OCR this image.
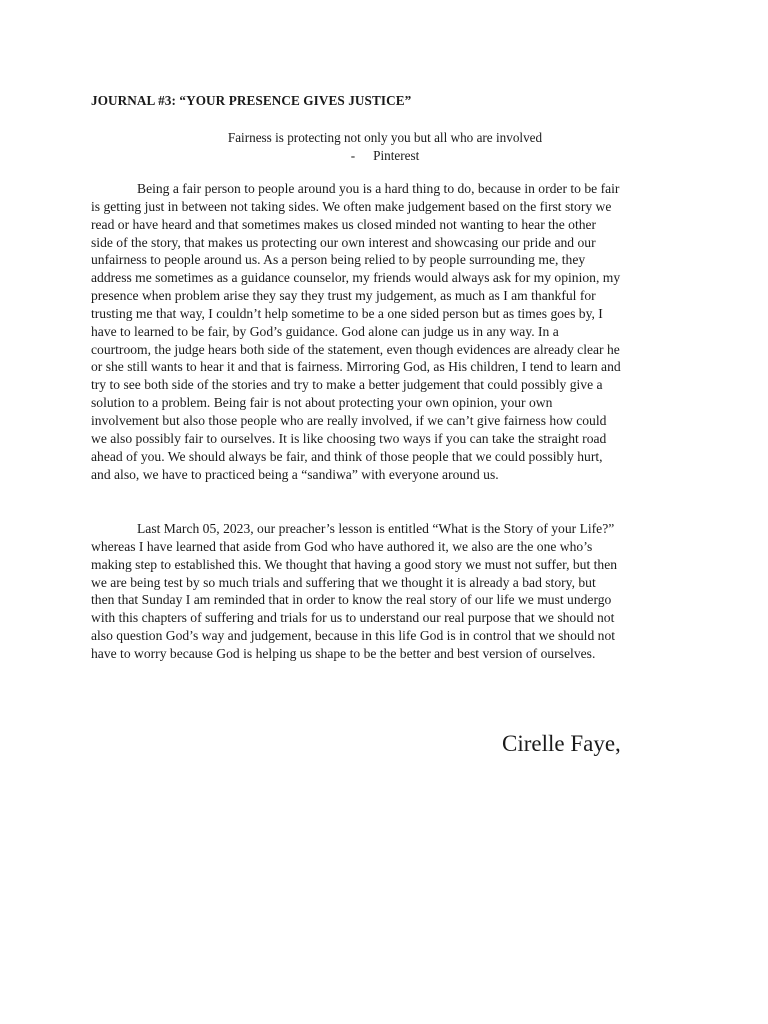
JOURNAL #3: “YOUR PRESENCE GIVES JUSTICE”
Fairness is protecting not only you but all who are involved
- Pinterest
Being a fair person to people around you is a hard thing to do, because in order to be fair
is getting just in between not taking sides. We often make judgement based on the first story we
read or have heard and that sometimes makes us closed minded not wanting to hear the other
side of the story, that makes us protecting our own interest and showcasing our pride and our
unfairness to people around us. As a person being relied to by people surrounding me, they
address me sometimes as a guidance counselor, my friends would always ask for my opinion, my
presence when problem arise they say they trust my judgement, as much as I am thankful for
trusting me that way, I couldn’t help sometime to be a one sided person but as times goes by, I
have to learned to be fair, by God’s guidance. God alone can judge us in any way. In a
courtroom, the judge hears both side of the statement, even though evidences are already clear he
or she still wants to hear it and that is fairness. Mirroring God, as His children, I tend to learn and
try to see both side of the stories and try to make a better judgement that could possibly give a
solution to a problem. Being fair is not about protecting your own opinion, your own
involvement but also those people who are really involved, if we can’t give fairness how could
we also possibly fair to ourselves. It is like choosing two ways if you can take the straight road
ahead of you. We should always be fair, and think of those people that we could possibly hurt,
and also, we have to practiced being a “sandiwa” with everyone around us.
Last March 05, 2023, our preacher’s lesson is entitled “What is the Story of your Life?”
whereas I have learned that aside from God who have authored it, we also are the one who’s
making step to established this. We thought that having a good story we must not suffer, but then
we are being test by so much trials and suffering that we thought it is already a bad story, but
then that Sunday I am reminded that in order to know the real story of our life we must undergo
with this chapters of suffering and trials for us to understand our real purpose that we should not
also question God’s way and judgement, because in this life God is in control that we should not
have to worry because God is helping us shape to be the better and best version of ourselves.
Cirelle Faye,
